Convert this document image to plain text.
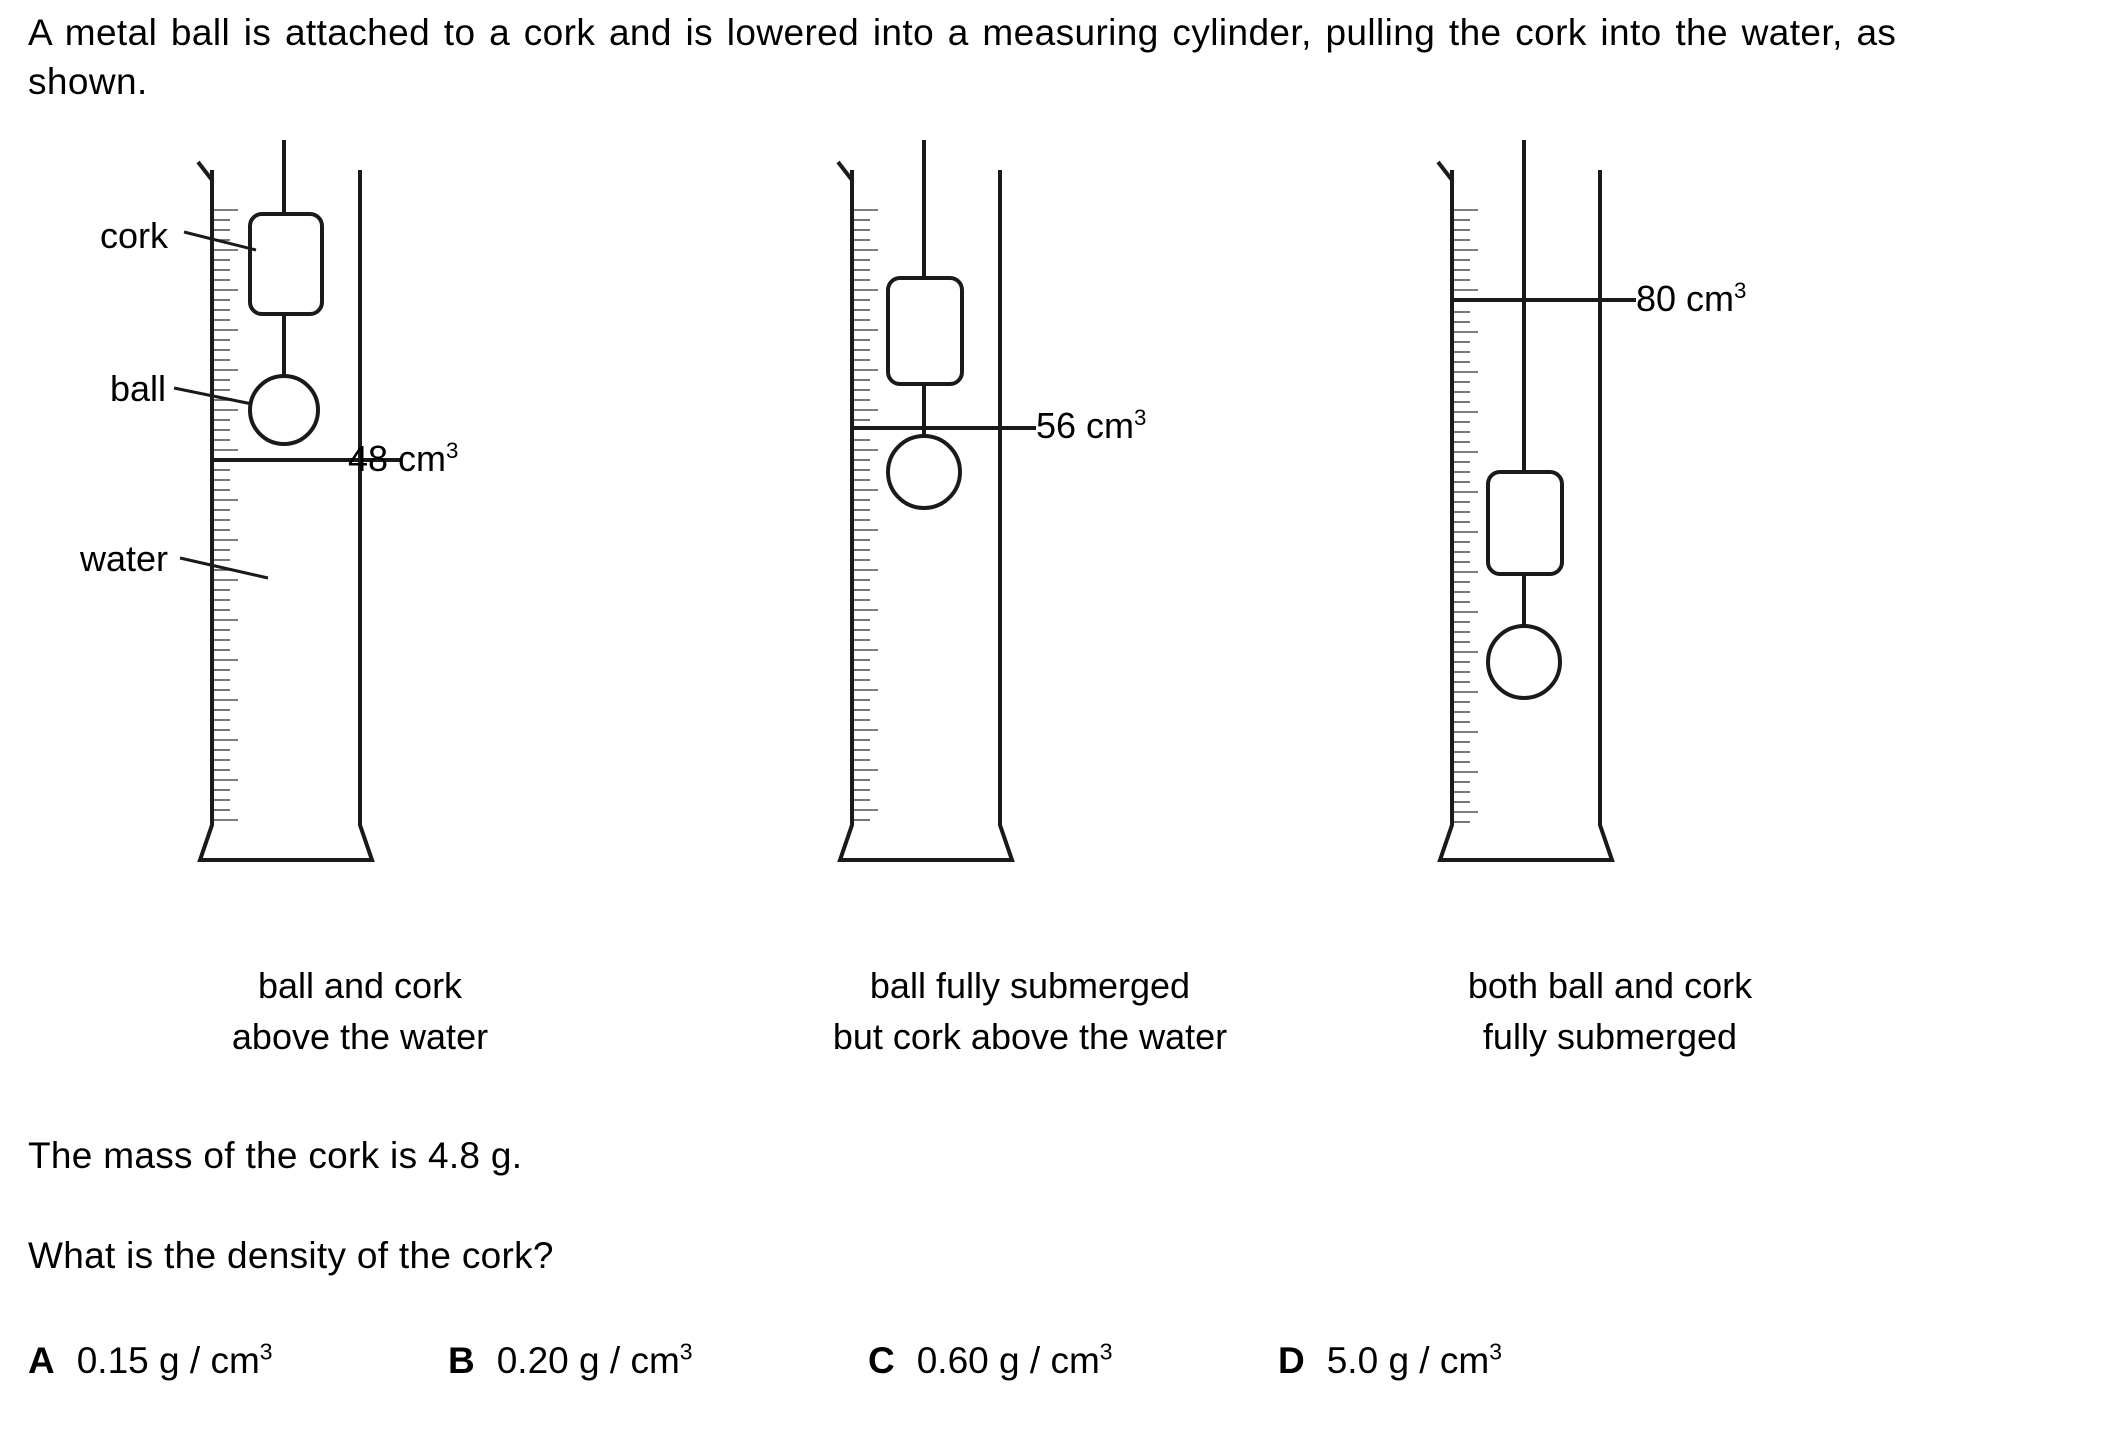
A metal ball is attached to a cork and is lowered into a measuring cylinder, pulling the cork into the water, as shown.
cork
ball
water
48 $cm^3$
56 $cm^3$
80 $cm^3$
ball and cork
above the water
ball fully submerged
but cork above the water
both ball and cork
fully submerged
The mass of the cork is 4.8 g.
What is the density of the cork?
A 0.15 g / $cm^3$	B 0.20 g / $cm^3$	C 0.60 g / $cm^3$	D 5.0 g / $cm^3$
